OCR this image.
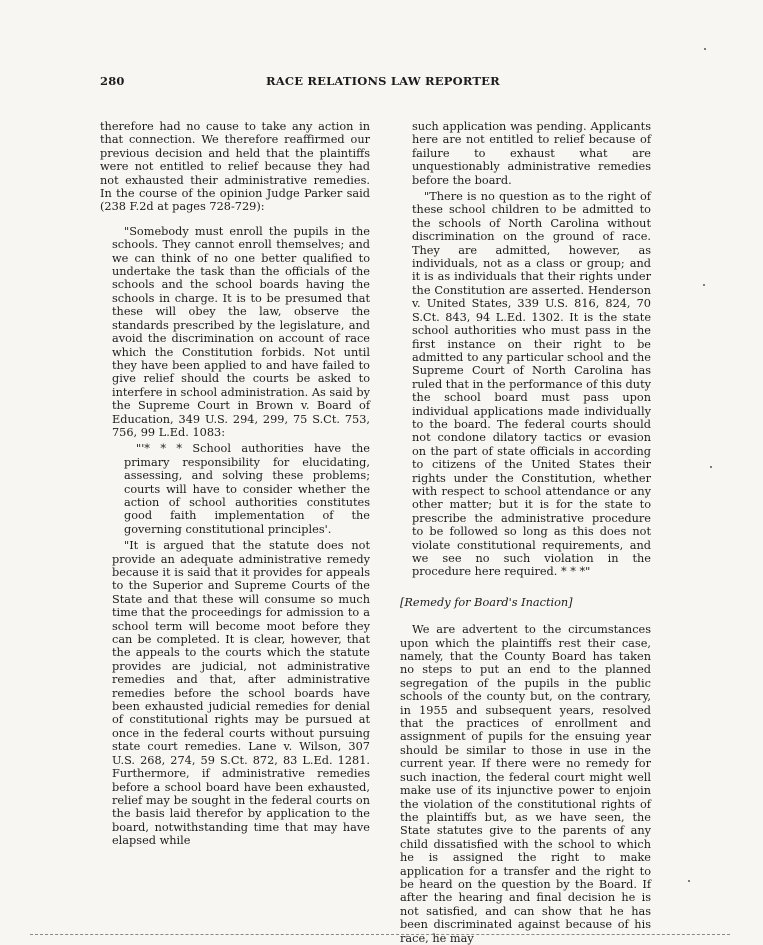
280	RACE RELATIONS LAW REPORTER

therefore had no cause to take any action in that connection. We therefore reaffirmed our previous decision and held that the plaintiffs were not entitled to relief because they had not exhausted their administrative remedies. In the course of the opinion Judge Parker said (238 F.2d at pages 728-729):

"Somebody must enroll the pupils in the schools. They cannot enroll themselves; and we can think of no one better qualified to undertake the task than the officials of the schools and the school boards having the schools in charge. It is to be presumed that these will obey the law, observe the standards prescribed by the legislature, and avoid the discrimination on account of race which the Constitution forbids. Not until they have been applied to and have failed to give relief should the courts be asked to interfere in school administration. As said by the Supreme Court in Brown v. Board of Education, 349 U.S. 294, 299, 75 S.Ct. 753, 756, 99 L.Ed. 1083:

"'* * * School authorities have the primary responsibility for elucidating, assessing, and solving these problems; courts will have to consider whether the action of school authorities constitutes good faith implementation of the governing constitutional principles'.

"It is argued that the statute does not provide an adequate administrative remedy because it is said that it provides for appeals to the Superior and Supreme Courts of the State and that these will consume so much time that the proceedings for admission to a school term will become moot before they can be completed. It is clear, however, that the appeals to the courts which the statute provides are judicial, not administrative remedies and that, after administrative remedies before the school boards have been exhausted judicial remedies for denial of constitutional rights may be pursued at once in the federal courts without pursuing state court remedies. Lane v. Wilson, 307 U.S. 268, 274, 59 S.Ct. 872, 83 L.Ed. 1281. Furthermore, if administrative remedies before a school board have been exhausted, relief may be sought in the federal courts on the basis laid therefor by application to the board, notwithstanding time that may have elapsed while

such application was pending. Applicants here are not entitled to relief because of failure to exhaust what are unquestionably administrative remedies before the board.

"There is no question as to the right of these school children to be admitted to the schools of North Carolina without discrimination on the ground of race. They are admitted, however, as individuals, not as a class or group; and it is as individuals that their rights under the Constitution are asserted. Henderson v. United States, 339 U.S. 816, 824, 70 S.Ct. 843, 94 L.Ed. 1302. It is the state school authorities who must pass in the first instance on their right to be admitted to any particular school and the Supreme Court of North Carolina has ruled that in the performance of this duty the school board must pass upon individual applications made individually to the board. The federal courts should not condone dilatory tactics or evasion on the part of state officials in according to citizens of the United States their rights under the Constitution, whether with respect to school attendance or any other matter; but it is for the state to prescribe the administrative procedure to be followed so long as this does not violate constitutional requirements, and we see no such violation in the procedure here required. * * *"

[Remedy for Board's Inaction]

We are advertent to the circumstances upon which the plaintiffs rest their case, namely, that the County Board has taken no steps to put an end to the planned segregation of the pupils in the public schools of the county but, on the contrary, in 1955 and subsequent years, resolved that the practices of enrollment and assignment of pupils for the ensuing year should be similar to those in use in the current year. If there were no remedy for such inaction, the federal court might well make use of its injunctive power to enjoin the violation of the constitutional rights of the plaintiffs but, as we have seen, the State statutes give to the parents of any child dissatisfied with the school to which he is assigned the right to make application for a transfer and the right to be heard on the question by the Board. If after the hearing and final decision he is not satisfied, and can show that he has been discriminated against because of his race, he may
